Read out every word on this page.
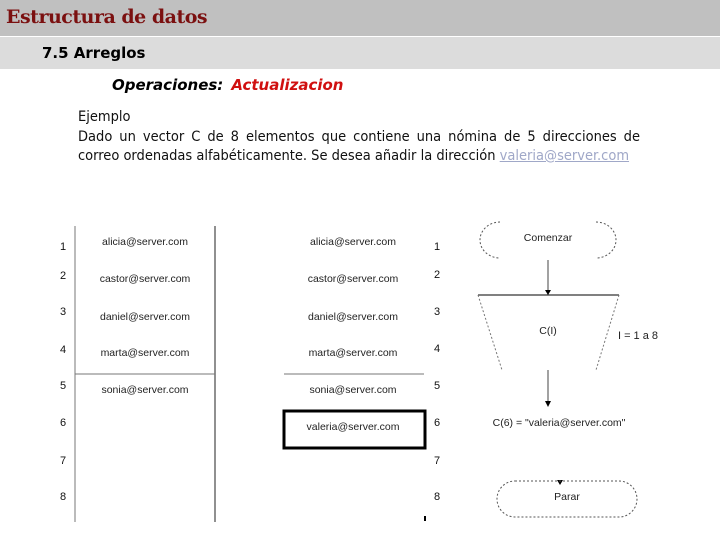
Estructura de datos
7.5 Arreglos
Operaciones: Actualizacion

Ejemplo

Dado un vector C de 8 elementos que contiene una nómina de 5 direcciones de correo ordenadas alfabéticamente. Se desea añadir la dirección valeria@server.com

1
2
3
4
5
6
7
8
alicia@server.com
castor@server.com
daniel@server.com
marta@server.com
sonia@server.com
alicia@server.com
castor@server.com
daniel@server.com
marta@server.com
sonia@server.com
valeria@server.com
1
2
3
4
5
6
7
8
Comenzar
C(I)	I = 1 a 8
C(6) = "valeria@server.com"
Parar
